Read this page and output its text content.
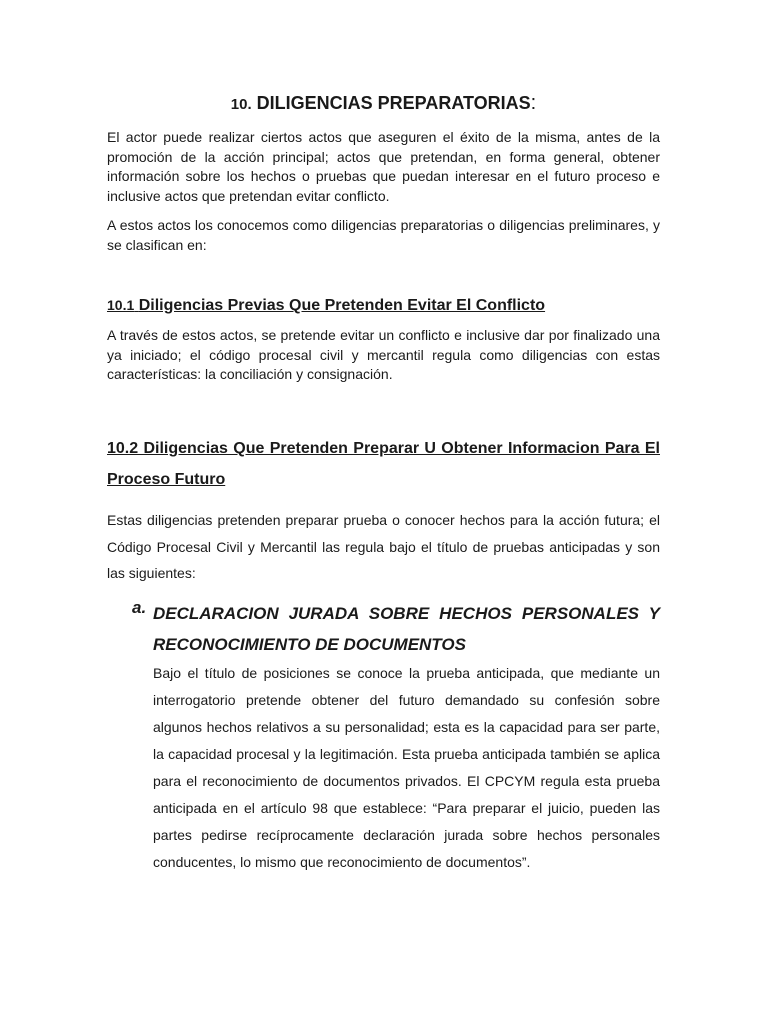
10. DILIGENCIAS PREPARATORIAS:

El actor puede realizar ciertos actos que aseguren el éxito de la misma, antes de la promoción de la acción principal; actos que pretendan, en forma general, obtener información sobre los hechos o pruebas que puedan interesar en el futuro proceso e inclusive actos que pretendan evitar conflicto.

A estos actos los conocemos como diligencias preparatorias o diligencias preliminares, y se clasifican en:

10.1 Diligencias Previas Que Pretenden Evitar El Conflicto

A través de estos actos, se pretende evitar un conflicto e inclusive dar por finalizado una ya iniciado; el código procesal civil y mercantil regula como diligencias con estas características: la conciliación y consignación.

10.2 Diligencias Que Pretenden Preparar U Obtener Informacion Para El Proceso Futuro

Estas diligencias pretenden preparar prueba o conocer hechos para la acción futura; el Código Procesal Civil y Mercantil las regula bajo el título de pruebas anticipadas y son las siguientes:

a. DECLARACION JURADA SOBRE HECHOS PERSONALES Y RECONOCIMIENTO DE DOCUMENTOS

Bajo el título de posiciones se conoce la prueba anticipada, que mediante un interrogatorio pretende obtener del futuro demandado su confesión sobre algunos hechos relativos a su personalidad; esta es la capacidad para ser parte, la capacidad procesal y la legitimación. Esta prueba anticipada también se aplica para el reconocimiento de documentos privados. El CPCYM regula esta prueba anticipada en el artículo 98 que establece: “Para preparar el juicio, pueden las partes pedirse recíprocamente declaración jurada sobre hechos personales conducentes, lo mismo que reconocimiento de documentos”.
